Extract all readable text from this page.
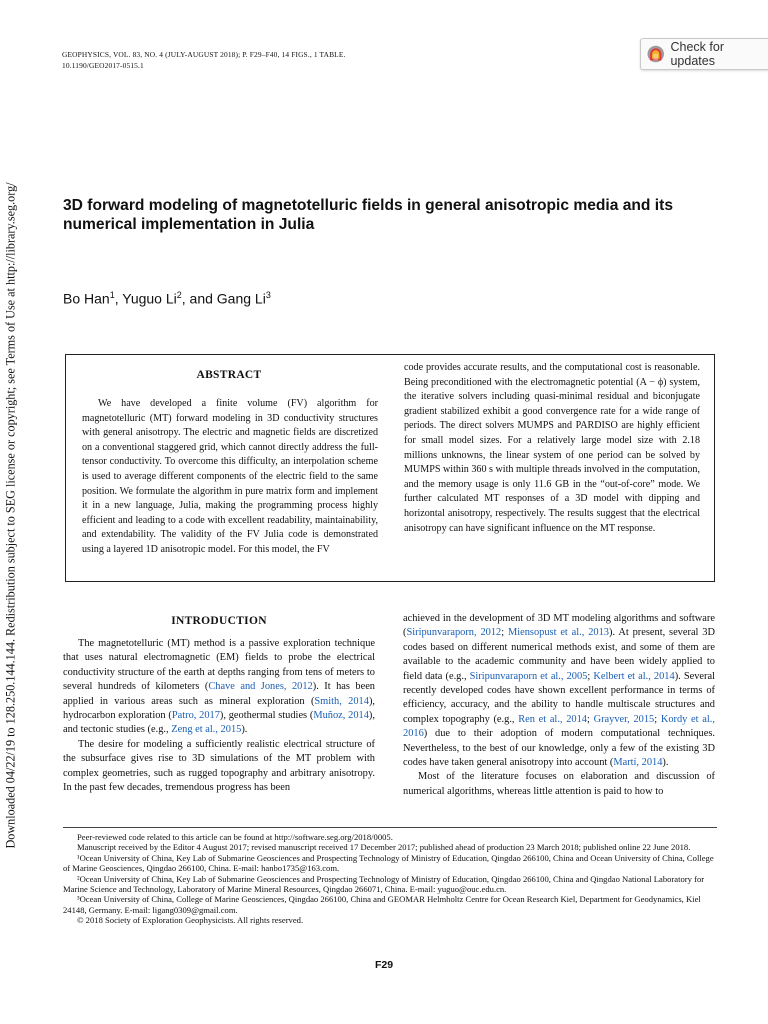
Downloaded 04/22/19 to 128.250.144.144. Redistribution subject to SEG license or copyright; see Terms of Use at http://library.seg.org/
GEOPHYSICS, VOL. 83, NO. 4 (JULY-AUGUST 2018); P. F29–F40, 14 FIGS., 1 TABLE.
10.1190/GEO2017-0515.1
Check for updates
3D forward modeling of magnetotelluric fields in general anisotropic media and its numerical implementation in Julia
Bo Han$^1$, Yuguo Li$^2$, and Gang Li$^3$
ABSTRACT

We have developed a finite volume (FV) algorithm for magnetotelluric (MT) forward modeling in 3D conductivity structures with general anisotropy. The electric and magnetic fields are discretized on a conventional staggered grid, which cannot directly address the full-tensor conductivity. To overcome this difficulty, an interpolation scheme is used to average different components of the electric field to the same position. We formulate the algorithm in pure matrix form and implement it in a new language, Julia, making the programming process highly efficient and leading to a code with excellent readability, maintainability, and extendability. The validity of the FV Julia code is demonstrated using a layered 1D anisotropic model. For this model, the FV

code provides accurate results, and the computational cost is reasonable. Being preconditioned with the electromagnetic potential (A − ϕ) system, the iterative solvers including quasi-minimal residual and biconjugate gradient stabilized exhibit a good convergence rate for a wide range of periods. The direct solvers MUMPS and PARDISO are highly efficient for small model sizes. For a relatively large model size with 2.18 millions unknowns, the linear system of one period can be solved by MUMPS within 360 s with multiple threads involved in the computation, and the memory usage is only 11.6 GB in the “out-of-core” mode. We further calculated MT responses of a 3D model with dipping and horizontal anisotropy, respectively. The results suggest that the electrical anisotropy can have significant influence on the MT response.

INTRODUCTION

The magnetotelluric (MT) method is a passive exploration technique that uses natural electromagnetic (EM) fields to probe the electrical conductivity structure of the earth at depths ranging from tens of meters to several hundreds of kilometers (Chave and Jones, 2012). It has been applied in various areas such as mineral exploration (Smith, 2014), hydrocarbon exploration (Patro, 2017), geothermal studies (Muñoz, 2014), and tectonic studies (e.g., Zeng et al., 2015).

The desire for modeling a sufficiently realistic electrical structure of the subsurface gives rise to 3D simulations of the MT problem with complex geometries, such as rugged topography and arbitrary anisotropy. In the past few decades, tremendous progress has been

achieved in the development of 3D MT modeling algorithms and software (Siripunvaraporn, 2012; Miensopust et al., 2013). At present, several 3D codes based on different numerical methods exist, and some of them are available to the academic community and have been widely applied to field data (e.g., Siripunvaraporn et al., 2005; Kelbert et al., 2014). Several recently developed codes have shown excellent performance in terms of efficiency, accuracy, and the ability to handle multiscale structures and complex topography (e.g., Ren et al., 2014; Grayver, 2015; Kordy et al., 2016) due to their adoption of modern computational techniques. Nevertheless, to the best of our knowledge, only a few of the existing 3D codes have taken general anisotropy into account (Martí, 2014).

Most of the literature focuses on elaboration and discussion of numerical algorithms, whereas little attention is paid to how to

Peer-reviewed code related to this article can be found at http://software.seg.org/2018/0005.

Manuscript received by the Editor 4 August 2017; revised manuscript received 17 December 2017; published ahead of production 23 March 2018; published online 22 June 2018.

¹Ocean University of China, Key Lab of Submarine Geosciences and Prospecting Technology of Ministry of Education, Qingdao 266100, China and Ocean University of China, College of Marine Geosciences, Qingdao 266100, China. E-mail: hanbo1735@163.com.

²Ocean University of China, Key Lab of Submarine Geosciences and Prospecting Technology of Ministry of Education, Qingdao 266100, China and Qingdao National Laboratory for Marine Science and Technology, Laboratory of Marine Mineral Resources, Qingdao 266071, China. E-mail: yuguo@ouc.edu.cn.

³Ocean University of China, College of Marine Geosciences, Qingdao 266100, China and GEOMAR Helmholtz Centre for Ocean Research Kiel, Department for Geodynamics, Kiel 24148, Germany. E-mail: ligang0309@gmail.com.

© 2018 Society of Exploration Geophysicists. All rights reserved.

F29
